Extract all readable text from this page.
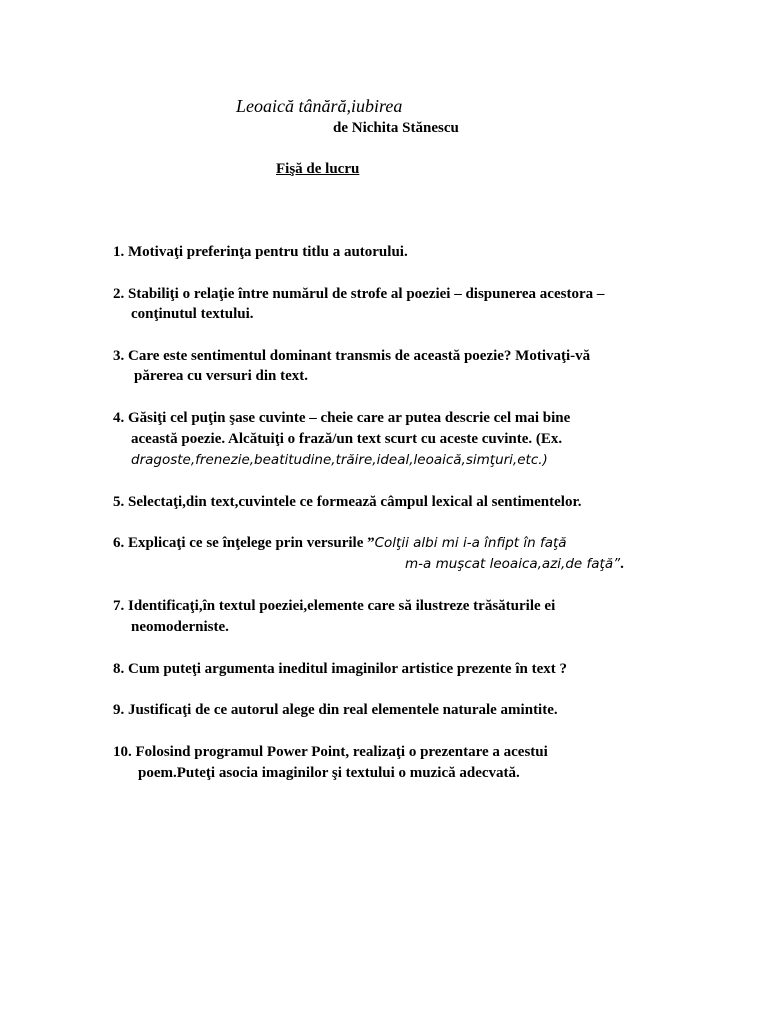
Leoaică tânără,iubirea
de Nichita Stănescu
Fişă de lucru
1. Motivaţi preferinţa pentru titlu a autorului.
2. Stabiliţi o relaţie între numărul de strofe al poeziei – dispunerea acestora –
conţinutul textului.
3. Care este sentimentul dominant transmis de această poezie? Motivaţi-vă
părerea cu versuri din text.
4. Găsiţi cel puţin şase cuvinte – cheie care ar putea descrie cel mai bine
această poezie. Alcătuiţi o frază/un text scurt cu aceste cuvinte. (Ex.
dragoste,frenezie,beatitudine,trăire,ideal,leoaică,simţuri,etc.)
5. Selectaţi,din text,cuvintele ce formează câmpul lexical al sentimentelor.
6. Explicaţi ce se înţelege prin versurile ”Colţii albi mi i-a înfipt în faţă
m-a muşcat leoaica,azi,de faţă”.
7. Identificaţi,în textul poeziei,elemente care să ilustreze trăsăturile ei
neomoderniste.
8. Cum puteţi argumenta ineditul imaginilor artistice prezente în text ?
9. Justificaţi de ce autorul alege din real elementele naturale amintite.
10. Folosind programul Power Point, realizaţi o prezentare a acestui
poem.Puteţi asocia imaginilor şi textului o muzică adecvată.
